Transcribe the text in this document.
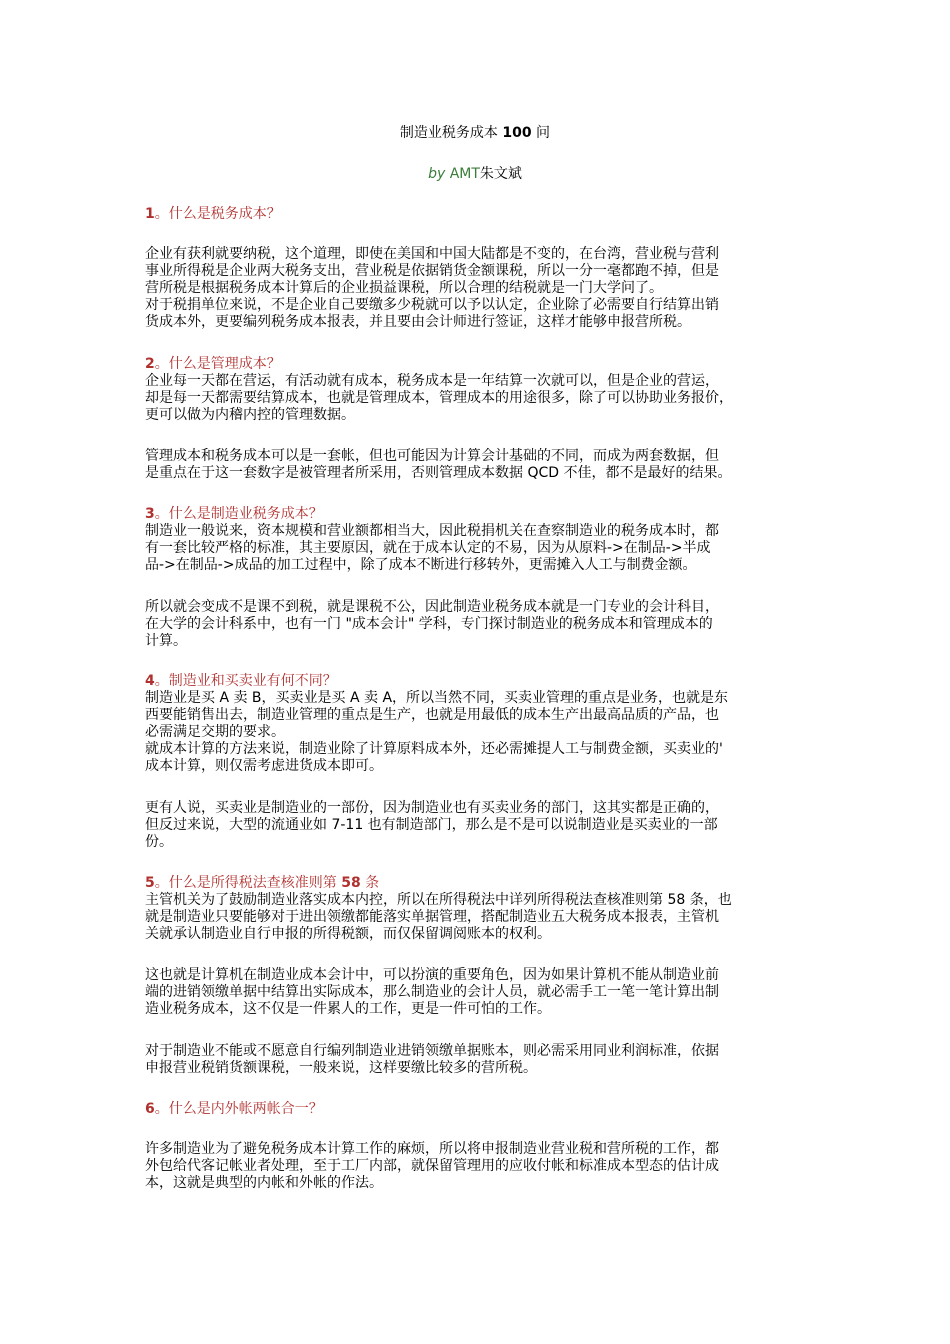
制造业税务成本 100 问
by AMT朱文斌
1。什么是税务成本？
企业有获利就要纳税，这个道理，即使在美国和中国大陆都是不变的，在台湾，营业税与营利
事业所得税是企业两大税务支出，营业税是依据销货金额课税，所以一分一毫都跑不掉，但是
营所税是根据税务成本计算后的企业损益课税，所以合理的结税就是一门大学问了。
对于税捐单位来说，不是企业自己要缴多少税就可以予以认定，企业除了必需要自行结算出销
货成本外，更要编列税务成本报表，并且要由会计师进行签证，这样才能够申报营所税。
2。什么是管理成本？
企业每一天都在营运，有活动就有成本，税务成本是一年结算一次就可以，但是企业的营运，
却是每一天都需要结算成本，也就是管理成本，管理成本的用途很多，除了可以协助业务报价，
更可以做为内稽内控的管理数据。
管理成本和税务成本可以是一套帐，但也可能因为计算会计基础的不同，而成为两套数据，但
是重点在于这一套数字是被管理者所采用，否则管理成本数据 QCD 不佳，都不是最好的结果。
3。什么是制造业税务成本？
制造业一般说来，资本规模和营业额都相当大，因此税捐机关在查察制造业的税务成本时，都
有一套比较严格的标准，其主要原因，就在于成本认定的不易，因为从原料->在制品->半成
品->在制品->成品的加工过程中，除了成本不断进行移转外，更需摊入人工与制费金额。
所以就会变成不是课不到税，就是课税不公，因此制造业税务成本就是一门专业的会计科目，
在大学的会计科系中，也有一门 "成本会计" 学科，专门探讨制造业的税务成本和管理成本的
计算。
4。制造业和买卖业有何不同？
制造业是买 A 卖 B，买卖业是买 A 卖 A，所以当然不同，买卖业管理的重点是业务，也就是东
西要能销售出去，制造业管理的重点是生产，也就是用最低的成本生产出最高品质的产品，也
必需满足交期的要求。
就成本计算的方法来说，制造业除了计算原料成本外，还必需摊提人工与制费金额，买卖业的'
成本计算，则仅需考虑进货成本即可。
更有人说，买卖业是制造业的一部份，因为制造业也有买卖业务的部门，这其实都是正确的，
但反过来说，大型的流通业如 7-11 也有制造部门，那么是不是可以说制造业是买卖业的一部
份。
5。什么是所得税法查核准则第 58 条
主管机关为了鼓励制造业落实成本内控，所以在所得税法中详列所得税法查核准则第 58 条，也
就是制造业只要能够对于进出领缴都能落实单据管理，搭配制造业五大税务成本报表，主管机
关就承认制造业自行申报的所得税额，而仅保留调阅账本的权利。
这也就是计算机在制造业成本会计中，可以扮演的重要角色，因为如果计算机不能从制造业前
端的进销领缴单据中结算出实际成本，那么制造业的会计人员，就必需手工一笔一笔计算出制
造业税务成本，这不仅是一件累人的工作，更是一件可怕的工作。
对于制造业不能或不愿意自行编列制造业进销领缴单据账本，则必需采用同业利润标准，依据
申报营业税销货额课税，一般来说，这样要缴比较多的营所税。
6。什么是内外帐两帐合一？
许多制造业为了避免税务成本计算工作的麻烦，所以将申报制造业营业税和营所税的工作，都
外包给代客记帐业者处理，至于工厂内部，就保留管理用的应收付帐和标准成本型态的估计成
本，这就是典型的内帐和外帐的作法。
